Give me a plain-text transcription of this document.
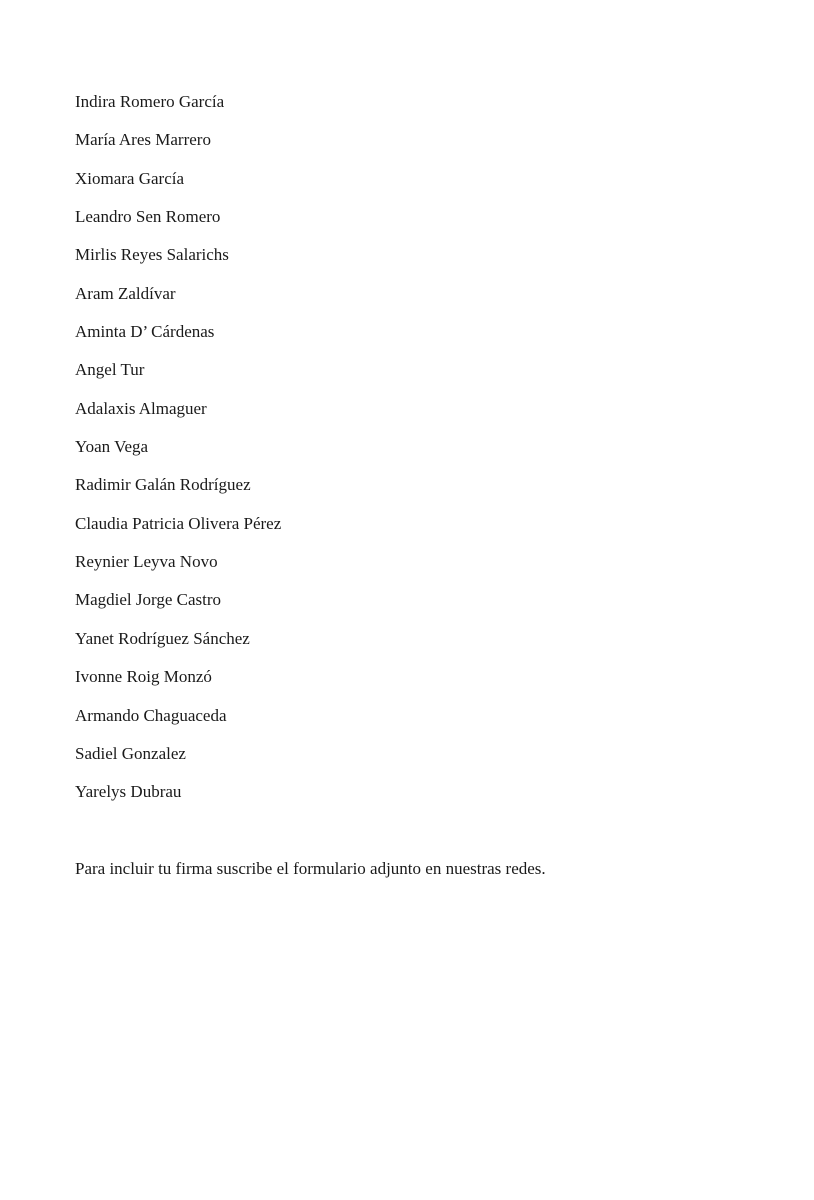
Indira Romero García
María Ares Marrero
Xiomara García
Leandro Sen Romero
Mirlis Reyes Salarichs
Aram Zaldívar
Aminta D’ Cárdenas
Angel Tur
Adalaxis Almaguer
Yoan Vega
Radimir Galán Rodríguez
Claudia Patricia Olivera Pérez
Reynier Leyva Novo
Magdiel Jorge Castro
Yanet Rodríguez Sánchez
Ivonne Roig Monzó
Armando Chaguaceda
Sadiel Gonzalez
Yarelys Dubrau

Para incluir tu firma suscribe el formulario adjunto en nuestras redes.
